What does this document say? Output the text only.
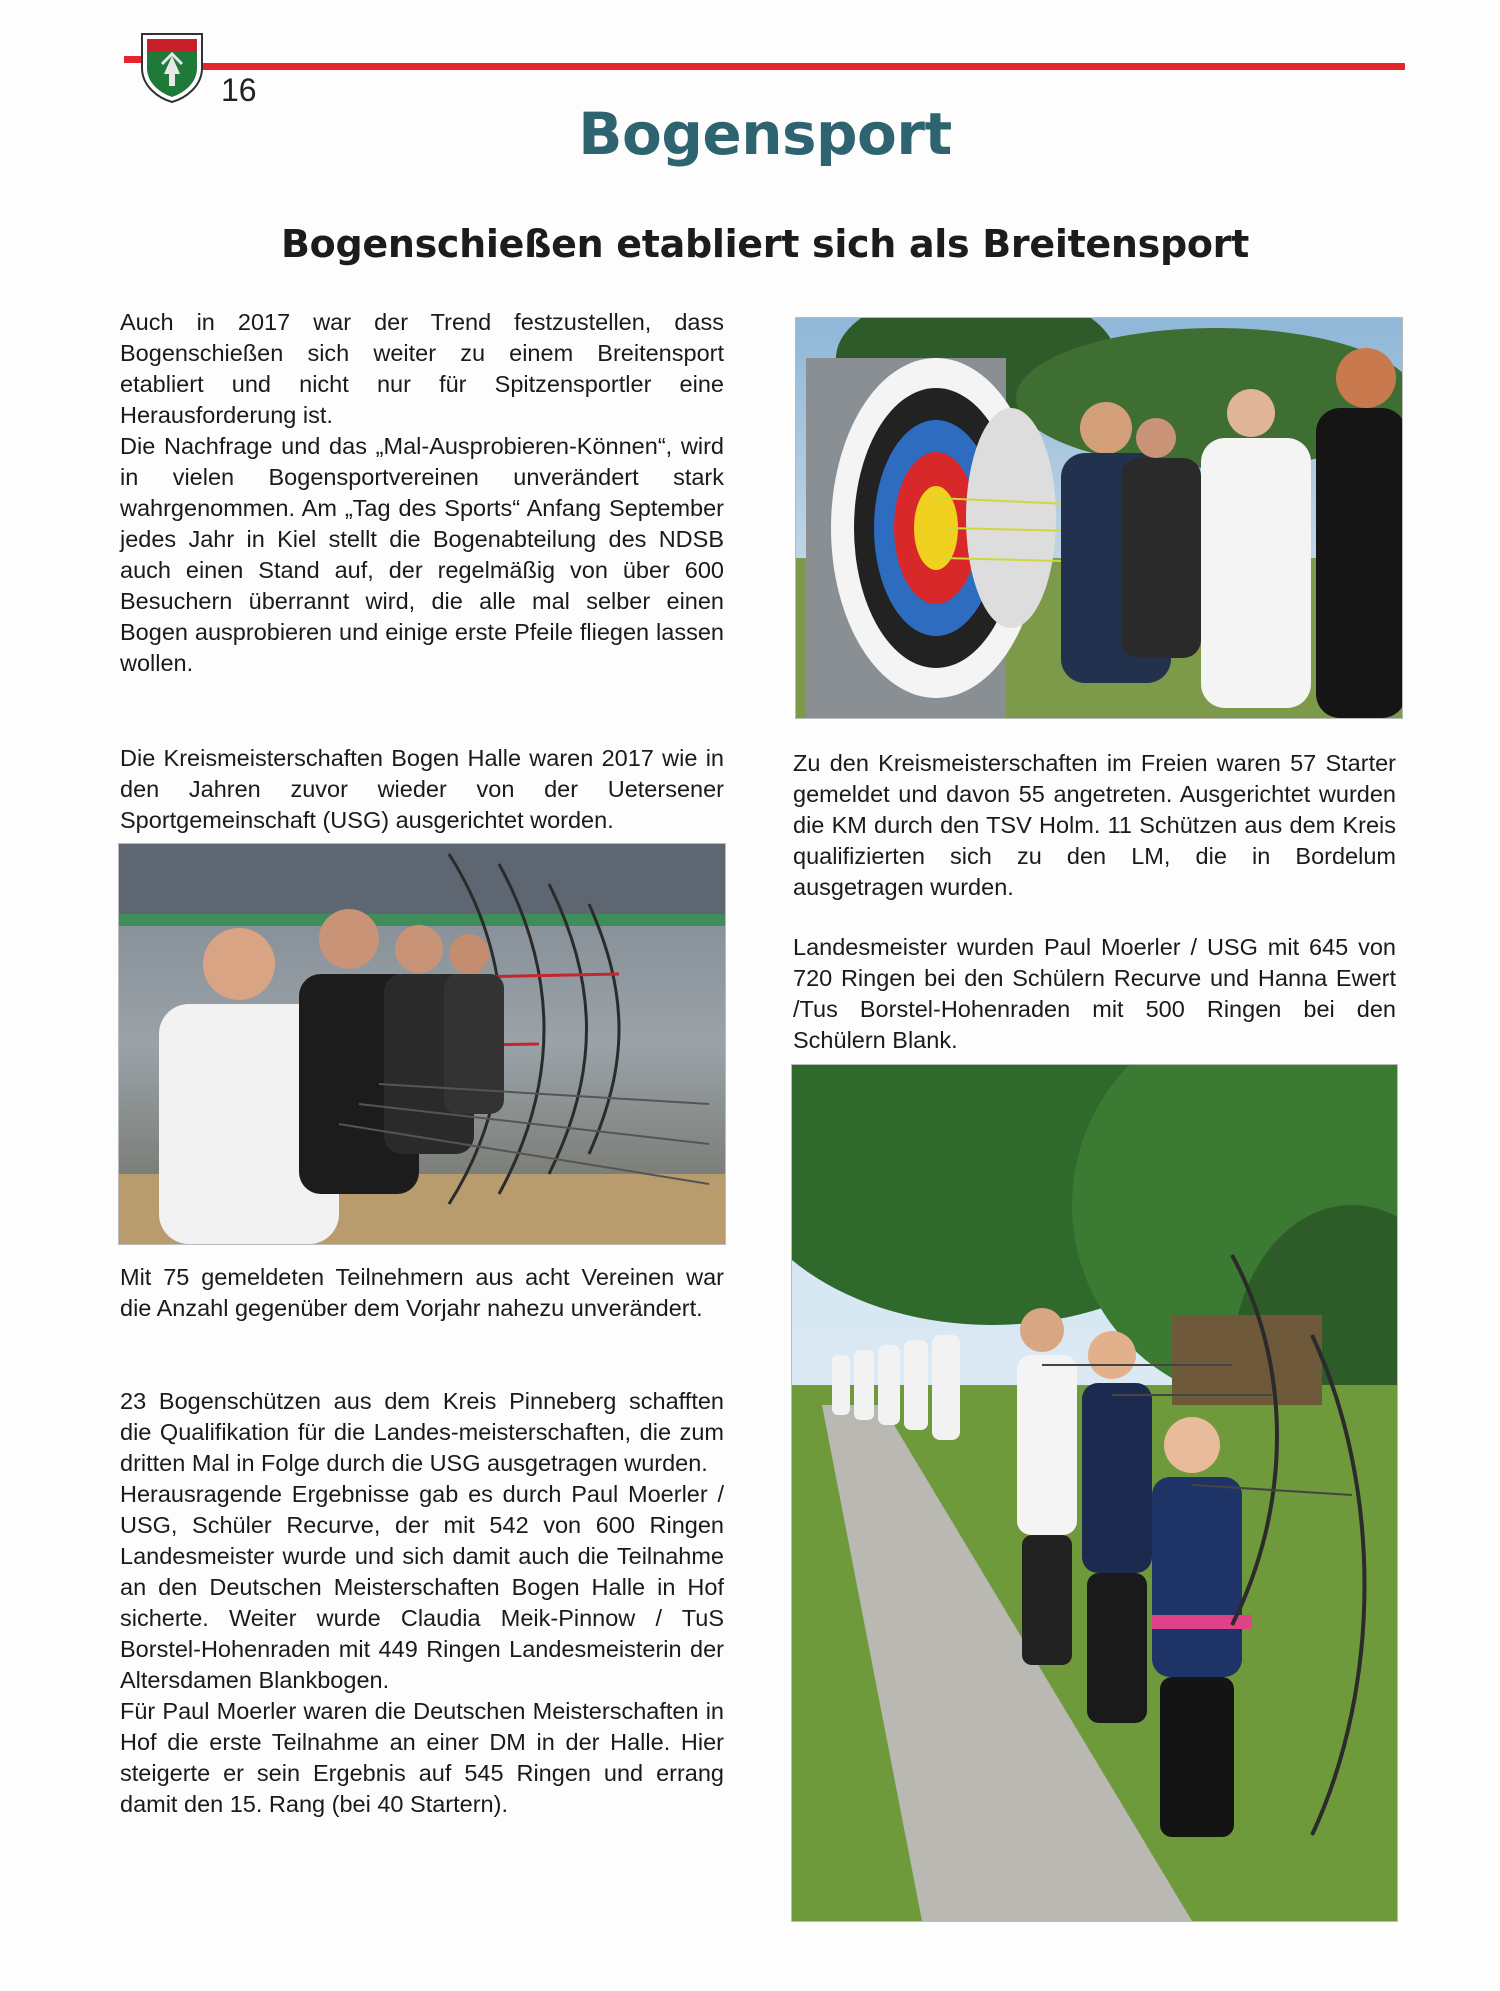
16
Bogensport
Bogenschießen etabliert sich als Breitensport

Auch in 2017 war der Trend festzustellen, dass Bogenschießen sich weiter zu einem Breitensport etabliert und nicht nur für Spitzensportler eine Herausforderung ist.

Die Nachfrage und das „Mal-Ausprobieren-Können“, wird in vielen Bogensportvereinen unverändert stark wahrgenommen. Am „Tag des Sports“ Anfang September jedes Jahr in Kiel stellt die Bogenabteilung des NDSB auch einen Stand auf, der regelmäßig von über 600 Besuchern überrannt wird, die alle mal selber einen Bogen ausprobieren und einige erste Pfeile fliegen lassen wollen.

Die Kreismeisterschaften Bogen Halle waren 2017 wie in den Jahren zuvor wieder von der Uetersener Sportgemeinschaft (USG) ausgerichtet worden.

Mit 75 gemeldeten Teilnehmern aus acht Vereinen war die Anzahl gegenüber dem Vorjahr nahezu unverändert.

23 Bogenschützen aus dem Kreis Pinneberg schafften die Qualifikation für die Landes-meisterschaften, die zum dritten Mal in Folge durch die USG ausgetragen wurden.

Herausragende Ergebnisse gab es durch Paul Moerler / USG, Schüler Recurve, der mit 542 von 600 Ringen Landesmeister wurde und sich damit auch die Teilnahme an den Deutschen Meisterschaften Bogen Halle in Hof sicherte. Weiter wurde Claudia Meik-Pinnow / TuS Borstel-Hohenraden mit 449 Ringen Landesmeisterin der Altersdamen Blankbogen.

Für Paul Moerler waren die Deutschen Meisterschaften in Hof die erste Teilnahme an einer DM in der Halle. Hier steigerte er sein Ergebnis auf 545 Ringen und errang damit den 15. Rang (bei 40 Startern).

Zu den Kreismeisterschaften im Freien waren 57 Starter gemeldet und davon 55 angetreten. Ausgerichtet wurden die KM durch den TSV Holm. 11 Schützen aus dem Kreis qualifizierten sich zu den LM, die in Bordelum ausgetragen wurden.

Landesmeister wurden Paul Moerler / USG mit 645 von 720 Ringen bei den Schülern Recurve und Hanna Ewert /Tus Borstel-Hohenraden mit 500 Ringen bei den Schülern Blank.
